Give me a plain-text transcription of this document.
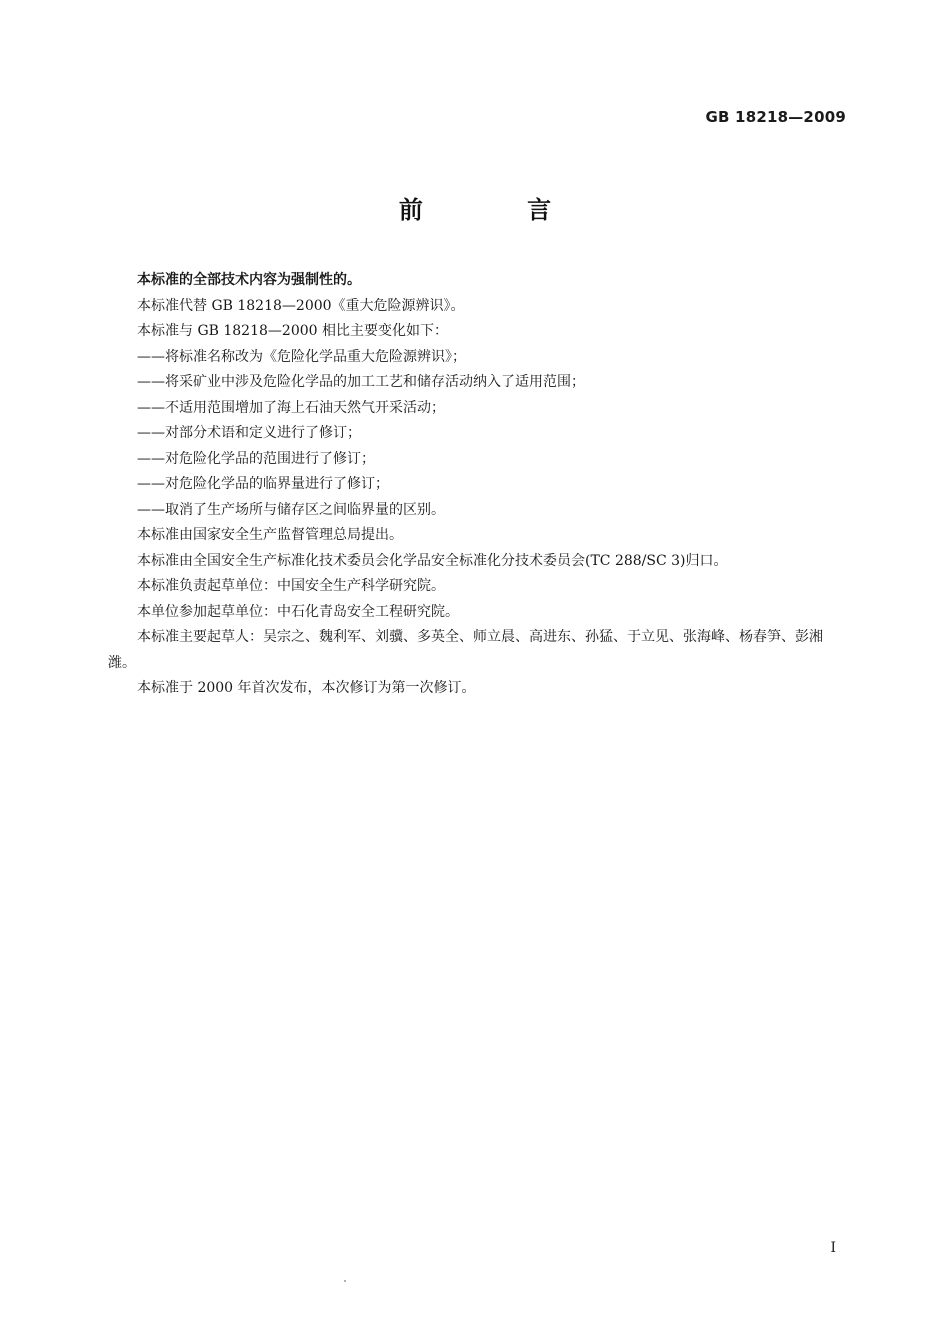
GB 18218—2009
前 言

本标准的全部技术内容为强制性的。

本标准代替 GB 18218—2000《重大危险源辨识》。

本标准与 GB 18218—2000 相比主要变化如下：

——将标准名称改为《危险化学品重大危险源辨识》；

——将采矿业中涉及危险化学品的加工工艺和储存活动纳入了适用范围；

——不适用范围增加了海上石油天然气开采活动；

——对部分术语和定义进行了修订；

——对危险化学品的范围进行了修订；

——对危险化学品的临界量进行了修订；

——取消了生产场所与储存区之间临界量的区别。

本标准由国家安全生产监督管理总局提出。

本标准由全国安全生产标准化技术委员会化学品安全标准化分技术委员会(TC 288/SC 3)归口。

本标准负责起草单位：中国安全生产科学研究院。

本单位参加起草单位：中石化青岛安全工程研究院。

本标准主要起草人：吴宗之、魏利军、刘骥、多英全、师立晨、高进东、孙猛、于立见、张海峰、杨春笋、彭湘潍。

本标准于 2000 年首次发布，本次修订为第一次修订。

I
